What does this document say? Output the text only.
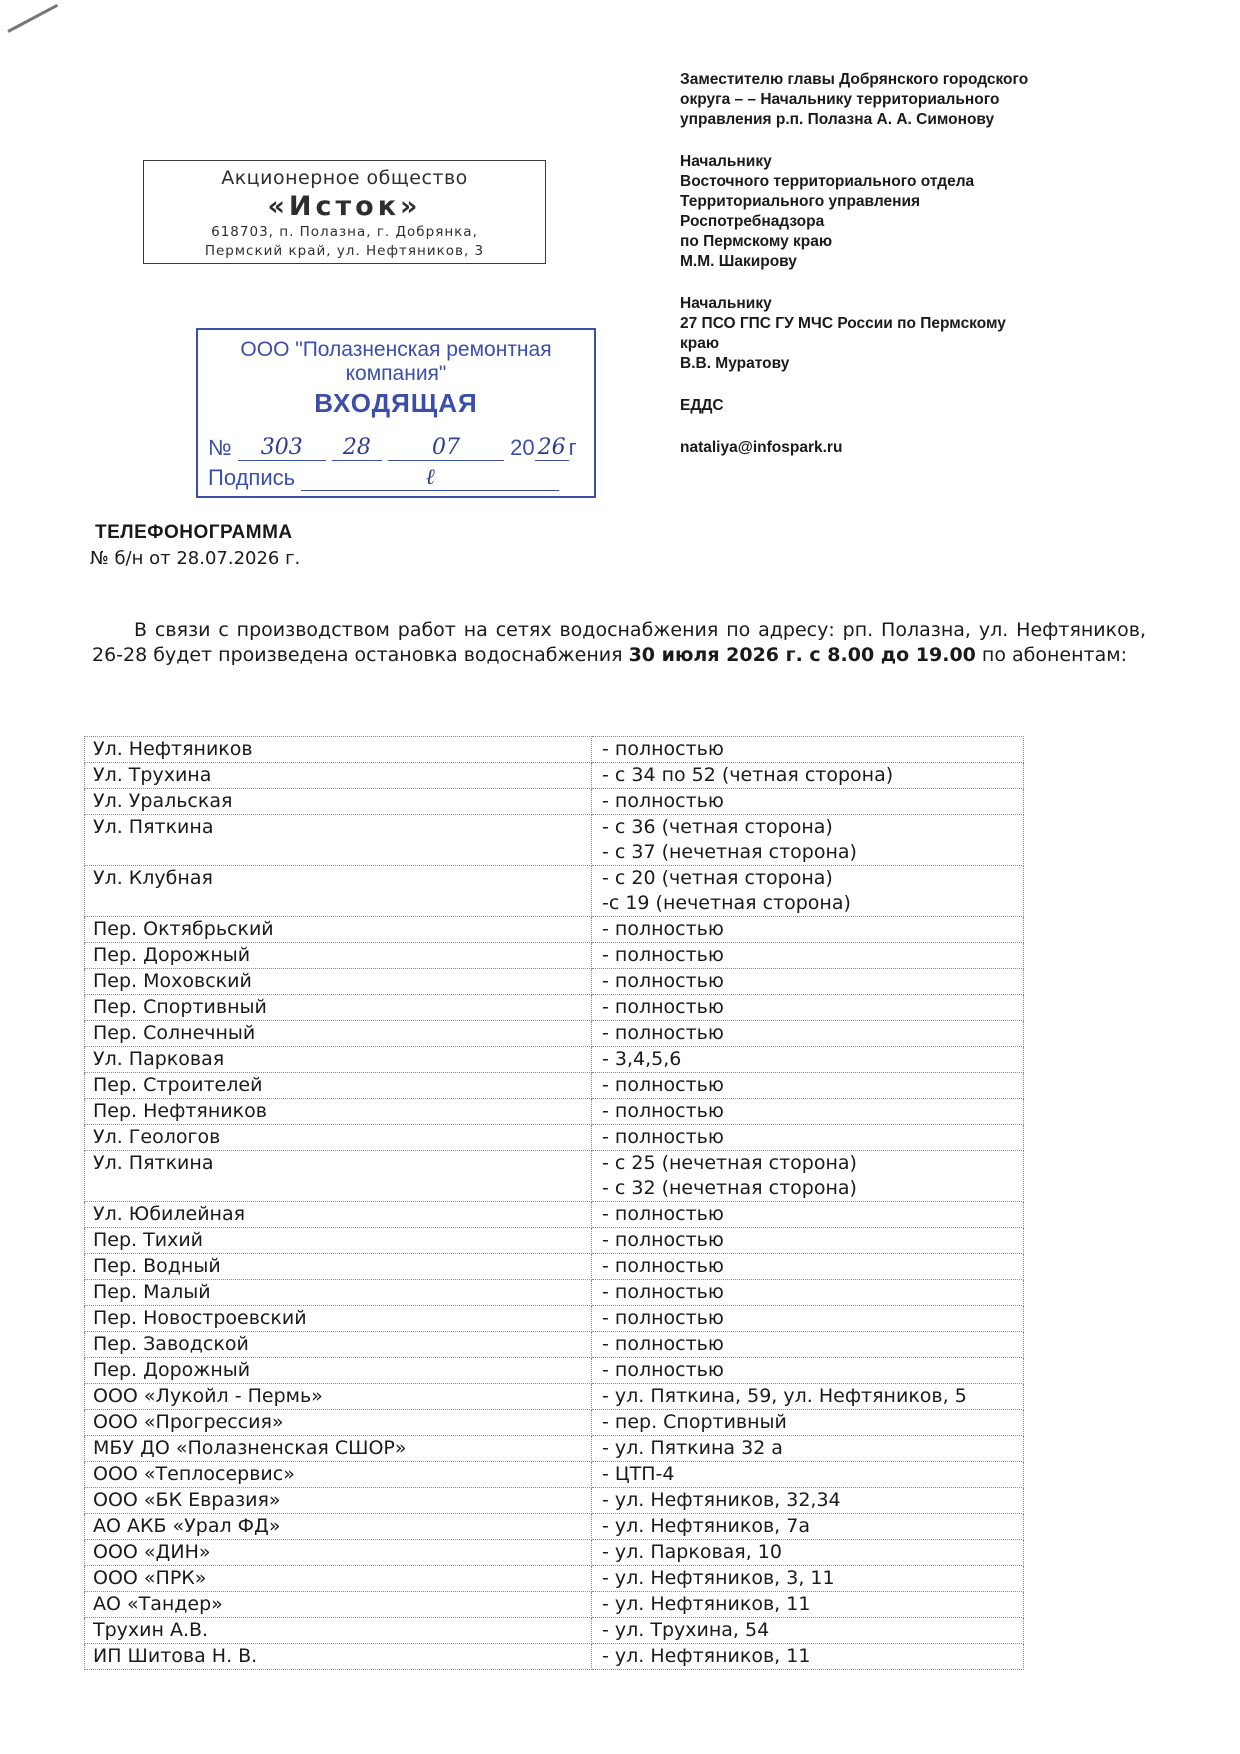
Заместителю главы Добрянского городского
округа – – Начальнику территориального
управления р.п. Полазна А. А. Симонову
Начальнику
Восточного территориального отдела
Территориального управления
Роспотребнадзора
по Пермскому краю
М.М. Шакирову
Начальнику
27 ПСО ГПС ГУ МЧС России по Пермскому
краю
В.В. Муратову
ЕДДС
nataliya@infospark.ru
Акционерное общество
«Исток»
618703, п. Полазна, г. Добрянка,
Пермский край, ул. Нефтяников, 3
ООО "Полазненская ремонтная компания"
ВХОДЯЩАЯ
№ 303 28	07 20 26 г
Подпись	ℓ
ТЕЛЕФОНОГРАММА
№ б/н от 28.07.2026 г.
В связи с производством работ на сетях водоснабжения по адресу: рп. Полазна, ул. Нефтяников, 26-28 будет произведена остановка водоснабжения 30 июля 2026 г. с 8.00 до 19.00 по абонентам:
Ул. Нефтяников	- полностью

Ул. Трухина	- с 34 по 52 (четная сторона)

Ул. Уральская	- полностью

Ул. Пяткина	- с 36 (четная сторона)
- с 37 (нечетная сторона)

Ул. Клубная	- с 20 (четная сторона)
-с 19 (нечетная сторона)

Пер. Октябрьский	- полностью

Пер. Дорожный	- полностью

Пер. Моховский	- полностью

Пер. Спортивный	- полностью

Пер. Солнечный	- полностью

Ул. Парковая	- 3,4,5,6

Пер. Строителей	- полностью

Пер. Нефтяников	- полностью

Ул. Геологов	- полностью

Ул. Пяткина	- с 25 (нечетная сторона)
- с 32 (нечетная сторона)

Ул. Юбилейная	- полностью

Пер. Тихий	- полностью

Пер. Водный	- полностью

Пер. Малый	- полностью

Пер. Новостроевский	- полностью

Пер. Заводской	- полностью

Пер. Дорожный	- полностью

ООО «Лукойл - Пермь»	- ул. Пяткина, 59, ул. Нефтяников, 5

ООО «Прогрессия»	- пер. Спортивный

МБУ ДО «Полазненская СШОР»	- ул. Пяткина 32 а

ООО «Теплосервис»	- ЦТП-4

ООО «БК Евразия»	- ул. Нефтяников, 32,34

АО АКБ «Урал ФД»	- ул. Нефтяников, 7а

ООО «ДИН»	- ул. Парковая, 10

ООО «ПРК»	- ул. Нефтяников, 3, 11

АО «Тандер»	- ул. Нефтяников, 11

Трухин А.В.	- ул. Трухина, 54

ИП Шитова Н. В.	- ул. Нефтяников, 11
